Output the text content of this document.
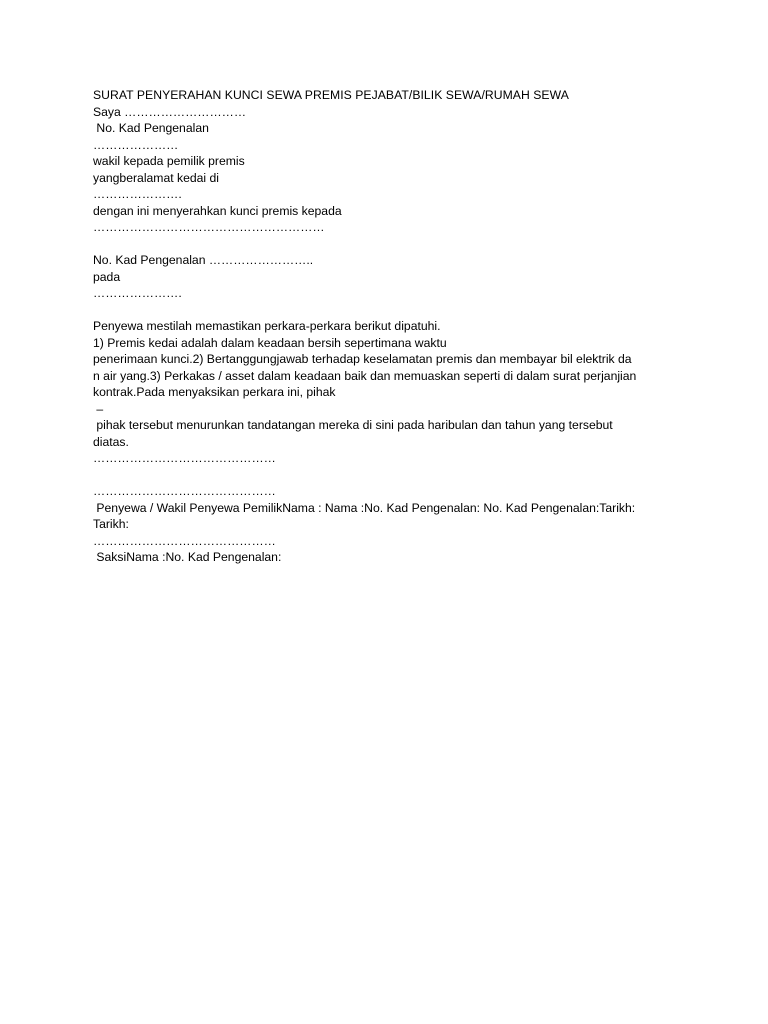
SURAT PENYERAHAN KUNCI SEWA PREMIS PEJABAT/BILIK SEWA/RUMAH SEWA

Saya …………………………

No. Kad Pengenalan

…………………

wakil kepada pemilik premis

yangberalamat kedai di

………………….

dengan ini menyerahkan kunci premis kepada

…………………………………………………

No. Kad Pengenalan ……………………..

pada

………………….

Penyewa mestilah memastikan perkara-perkara berikut dipatuhi.

1) Premis kedai adalah dalam keadaan bersih sepertimana waktu

penerimaan kunci.2) Bertanggungjawab terhadap keselamatan premis dan membayar bil elektrik da

n air yang.3) Perkakas / asset dalam keadaan baik dan memuaskan seperti di dalam surat perjanjian

kontrak.Pada menyaksikan perkara ini, pihak

–

pihak tersebut menurunkan tandatangan mereka di sini pada haribulan dan tahun yang tersebut

diatas.

………………………………………

………………………………………

Penyewa / Wakil Penyewa PemilikNama : Nama :No. Kad Pengenalan: No. Kad Pengenalan:Tarikh:

Tarikh:

………………………………………

SaksiNama :No. Kad Pengenalan:
